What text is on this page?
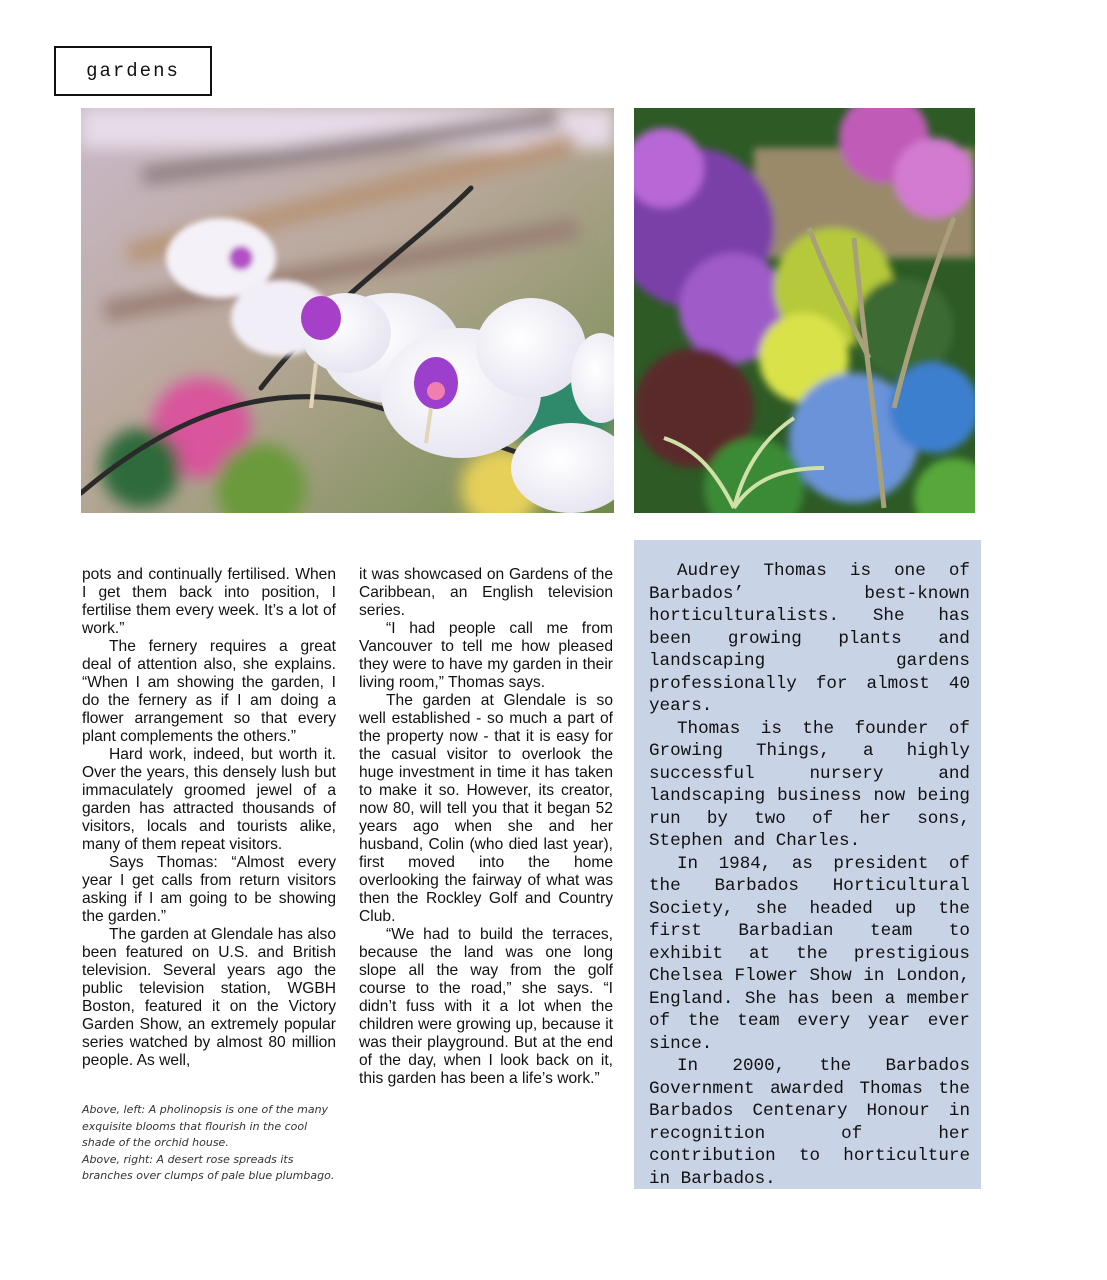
gardens

pots and continually fertilised. When I get them back into position, I fertilise them every week. It’s a lot of work.”

The fernery requires a great deal of attention also, she explains. “When I am showing the garden, I do the fernery as if I am doing a flower arrangement so that every plant complements the others.”

Hard work, indeed, but worth it. Over the years, this densely lush but immaculately groomed jewel of a garden has attracted thousands of visitors, locals and tourists alike, many of them repeat visitors.

Says Thomas: “Almost every year I get calls from return visitors asking if I am going to be showing the garden.”

The garden at Glendale has also been featured on U.S. and British television. Several years ago the public television station, WGBH Boston, featured it on the Victory Garden Show, an extremely popular series watched by almost 80 million people. As well,

it was showcased on Gardens of the Caribbean, an English television series.

“I had people call me from Vancouver to tell me how pleased they were to have my garden in their living room,” Thomas says.

The garden at Glendale is so well established - so much a part of the property now - that it is easy for the casual visitor to overlook the huge investment in time it has taken to make it so. However, its creator, now 80, will tell you that it began 52 years ago when she and her husband, Colin (who died last year), first moved into the home overlooking the fairway of what was then the Rockley Golf and Country Club.

“We had to build the terraces, because the land was one long slope all the way from the golf course to the road,” she says. “I didn’t fuss with it a lot when the children were growing up, because it was their playground. But at the end of the day, when I look back on it, this garden has been a life’s work.”

Above, left: A pholinopsis is one of the many exquisite blooms that flourish in the cool shade of the orchid house.

Above, right: A desert rose spreads its branches over clumps of pale blue plumbago.

Audrey Thomas is one of Barbados’ best-known horticulturalists. She has been growing plants and landscaping gardens professionally for almost 40 years.

Thomas is the founder of Growing Things, a highly successful nursery and landscaping business now being run by two of her sons, Stephen and Charles.

In 1984, as president of the Barbados Horticultural Society, she headed up the first Barbadian team to exhibit at the prestigious Chelsea Flower Show in London, England. She has been a member of the team every year ever since.

In 2000, the Barbados Government awarded Thomas the Barbados Centenary Honour in recognition of her contribution to horticulture in Barbados.
